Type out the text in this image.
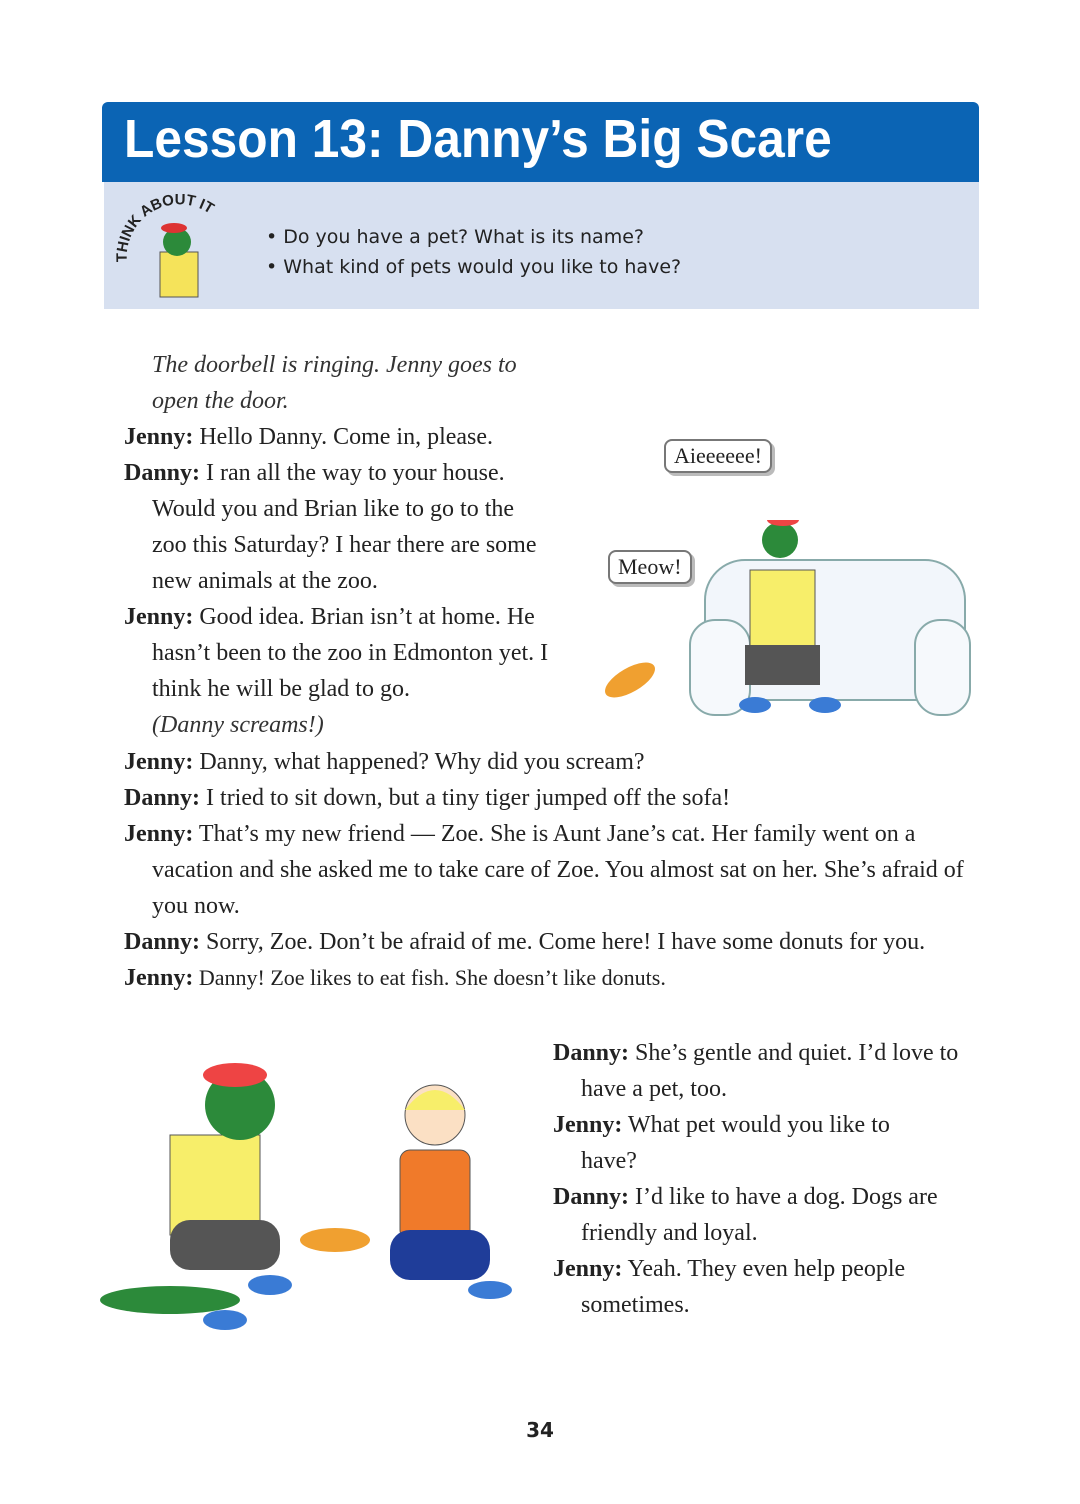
Lesson 13: Danny’s Big Scare
THINK ABOUT IT
• Do you have a pet? What is its name?
• What kind of pets would you like to have?
The doorbell is ringing. Jenny goes to open the door.
Jenny: Hello Danny. Come in, please.
Danny: I ran all the way to your house. Would you and Brian like to go to the zoo this Saturday? I hear there are some new animals at the zoo.
Jenny: Good idea. Brian isn’t at home. He hasn’t been to the zoo in Edmonton yet. I think he will be glad to go.
(Danny screams!)
Aieeeeee!
Meow!
Jenny: Danny, what happened? Why did you scream?
Danny: I tried to sit down, but a tiny tiger jumped off the sofa!
Jenny: That’s my new friend — Zoe. She is Aunt Jane’s cat. Her family went on a vacation and she asked me to take care of Zoe. You almost sat on her. She’s afraid of you now.
Danny: Sorry, Zoe. Don’t be afraid of me. Come here! I have some donuts for you.
Jenny: Danny! Zoe likes to eat fish. She doesn’t like donuts.
Danny: She’s gentle and quiet. I’d love to have a pet, too.
Jenny: What pet would you like to have?
Danny: I’d like to have a dog. Dogs are friendly and loyal.
Jenny: Yeah. They even help people sometimes.
34
